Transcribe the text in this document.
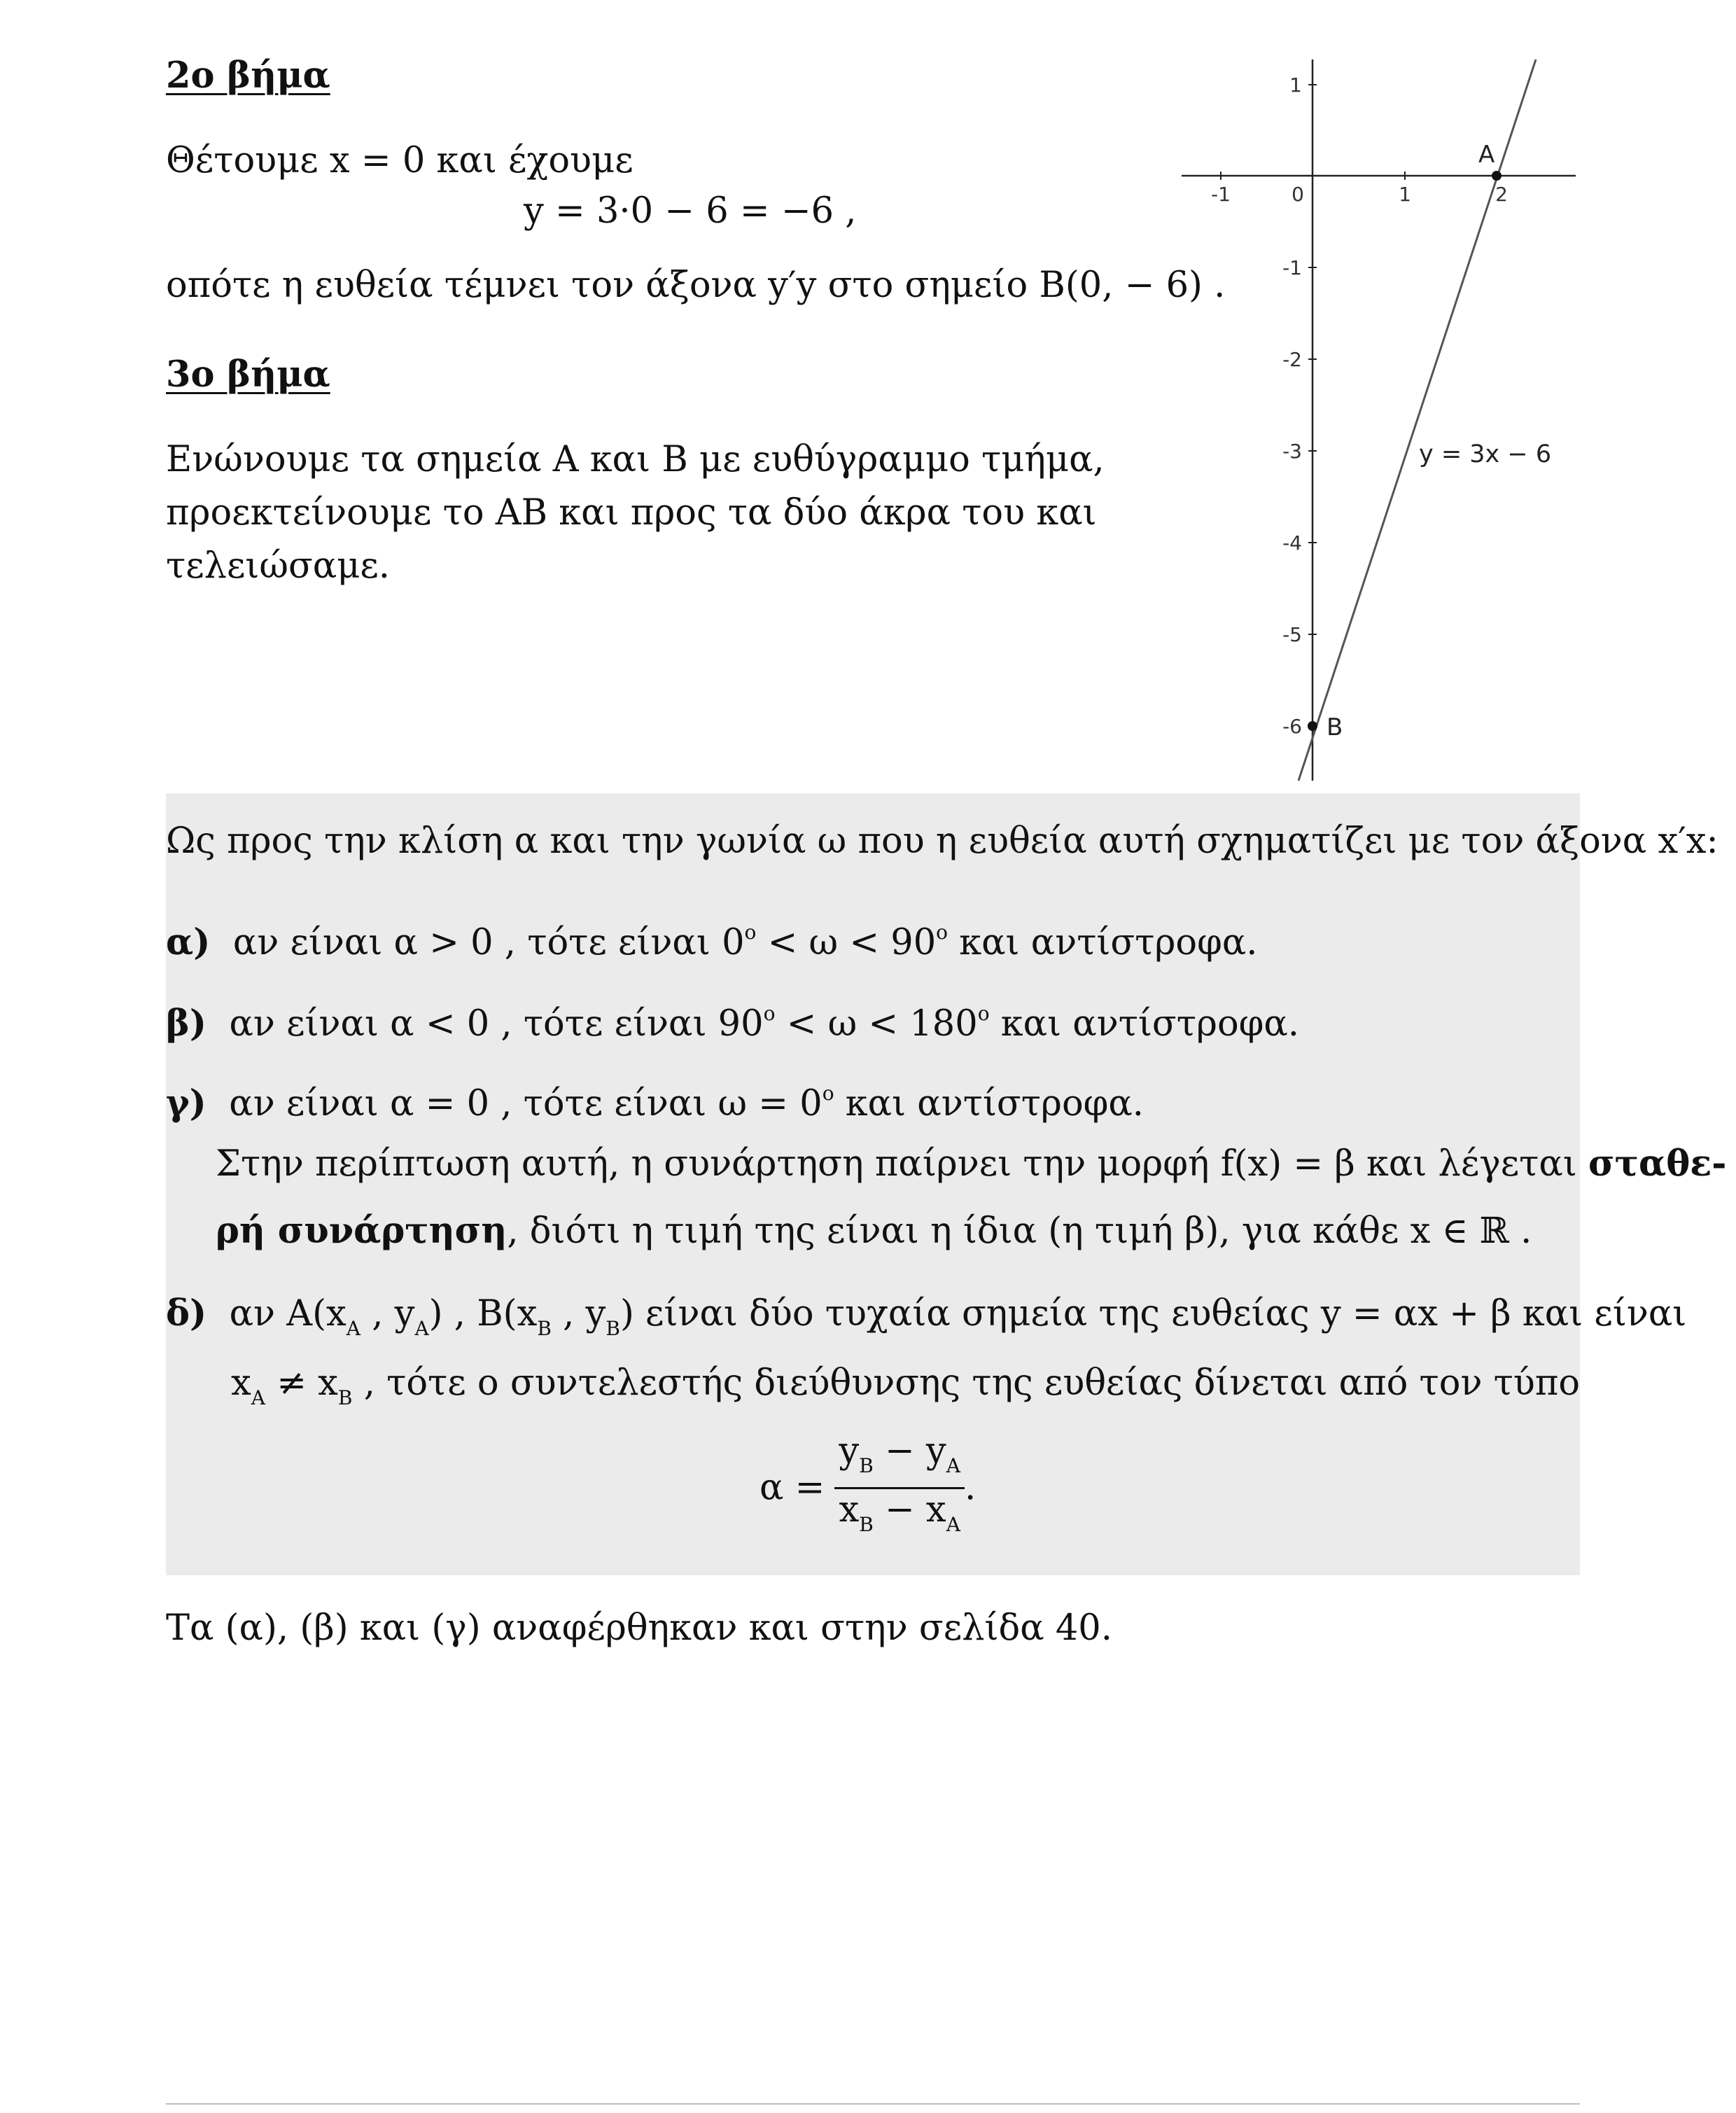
2ο βήμα
Θέτουμε x = 0 και έχουμε
y = 3·0 − 6 = −6 ,
οπότε η ευθεία τέμνει τον άξονα y′y στο σημείο B(0, − 6) .
3ο βήμα
Ενώνουμε τα σημεία A και B με ευθύγραμμο τμήμα,
προεκτείνουμε το AB και προς τα δύο άκρα του και
τελειώσαμε.
-1	0	1	2
1
-1
-2
-3
-4
-5
-6
A
B
y = 3x − 6
Ως προς την κλίση α και την γωνία ω που η ευθεία αυτή σχηματίζει με τον άξονα x′x:
α) αν είναι α > 0 , τότε είναι $0^o < \omega < 90^o$ και αντίστροφα.
β) αν είναι α < 0 , τότε είναι $90^o < \omega < 180^o$ και αντίστροφα.
γ) αν είναι α = 0 , τότε είναι $\omega = 0^o$ και αντίστροφα.
Στην περίπτωση αυτή, η συνάρτηση παίρνει την μορφή f(x) = β και λέγεται σταθε-
ρή συνάρτηση, διότι η τιμή της είναι η ίδια (η τιμή β), για κάθε x ∈ ℝ .
δ) αν $A(x_A$ , $y_A$) , $B(x_B$ , $y_B$) είναι δύο τυχαία σημεία της ευθείας y = αx + β και είναι
$x_A \ne x_B$ , τότε ο συντελεστής διεύθυνσης της ευθείας δίνεται από τον τύπο
$\alpha = \frac{y_B - y_A}{x_B - x_A}$ .
Τα (α), (β) και (γ) αναφέρθηκαν και στην σελίδα 40.
